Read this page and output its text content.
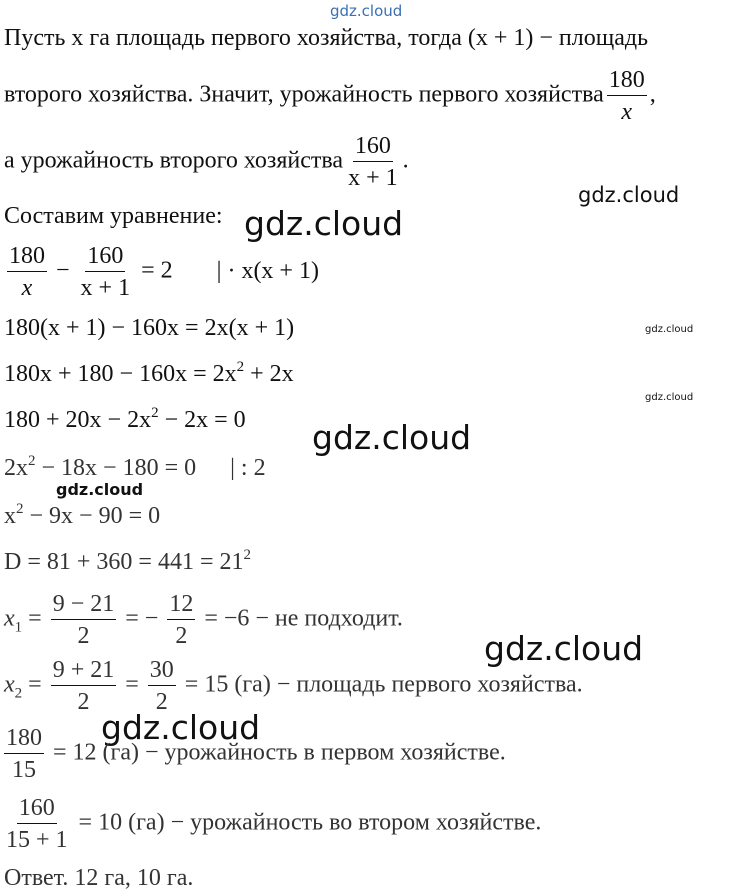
gdz.cloud
gdz.cloud
gdz.cloud
gdz.cloud
gdz.cloud
gdz.cloud
gdz.cloud
gdz.cloud
gdz.cloud
Пусть x га площадь первого хозяйства, тогда (x + 1) − площадь
второго хозяйства. Значит, урожайность первого хозяйства $\frac{180}{x}$ ,
а урожайность второго хозяйства $\frac{160}{x + 1}$ .
Составим уравнение:
$\frac{180}{x} - \frac{160}{x + 1} = 2$ | · x(x + 1)
180(x + 1) − 160x = 2x(x + 1)
$180x + 180 - 160x = 2x^2 + 2x$
$180 + 20x - 2x^2 - 2x = 0$
$2x^2 - 18x - 180 = 0$ | : 2
$x^2 - 9x - 90 = 0$
$D = 81 + 360 = 441 = 21^2$
$x_1 = \frac{9 - 21}{2}$ = − $\frac{12}{2} = -6$ − не подходит.
$x_2 = \frac{9 + 21}{2} = \frac{30}{2} = 15$ (га) − площадь первого хозяйства.
$\frac{180}{15} = 12$ (га) − урожайность в первом хозяйстве.
$\frac{160}{15 + 1} = 10$ (га) − урожайность во втором хозяйстве.
Ответ. 12 га, 10 га.
